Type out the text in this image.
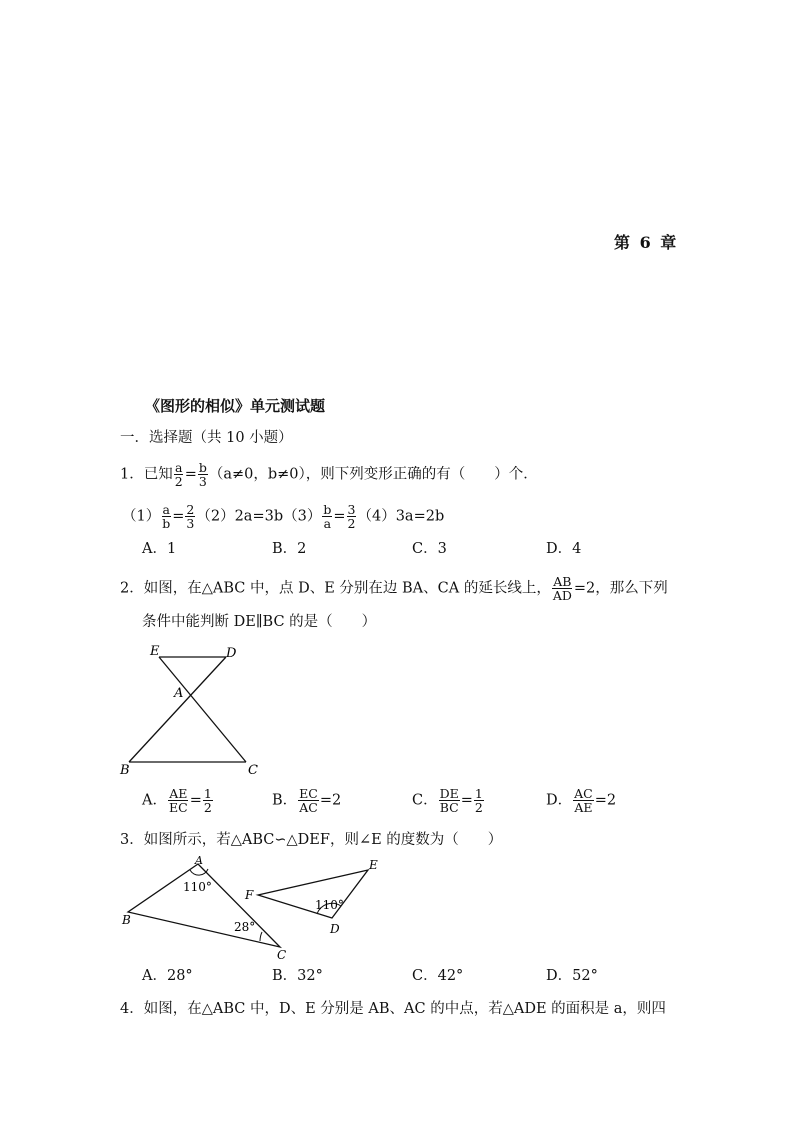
第 6 章
《图形的相似》单元测试题
一．选择题（共 10 小题）
1．已知 $\frac{a}{2} = \frac{b}{3} (a\ne 0$，b≠0），则下列变形正确的有（　　）个．
$(1) \frac{a}{b} = \frac{2}{3} (2)2a=3b(3) \frac{b}{a} = \frac{3}{2} (4)3a=2b$
A．1	B．2	C．3	D．4
2．如图，在△ABC 中，点 D、E 分别在边 BA、CA 的延长线上， $\frac{AB}{AD} =2$，那么下列
条件中能判断 DE∥BC 的是（　　）
E	D
A
B	C
A． $\frac{AE}{EC} = \frac{1}{2}$	B． $\frac{EC}{AC} =2$	C． $\frac{DE}{BC} = \frac{1}{2}$	D． $\frac{AC}{AE} =2$
3．如图所示，若△ABC∽△DEF，则∠E 的度数为（　　）
A
B
C
110°
28°
F
E
D
110°
A．28°	B．32°	C．42°	D．52°
4．如图，在△ABC 中，D、E 分别是 AB、AC 的中点，若△ADE 的面积是 a，则四
